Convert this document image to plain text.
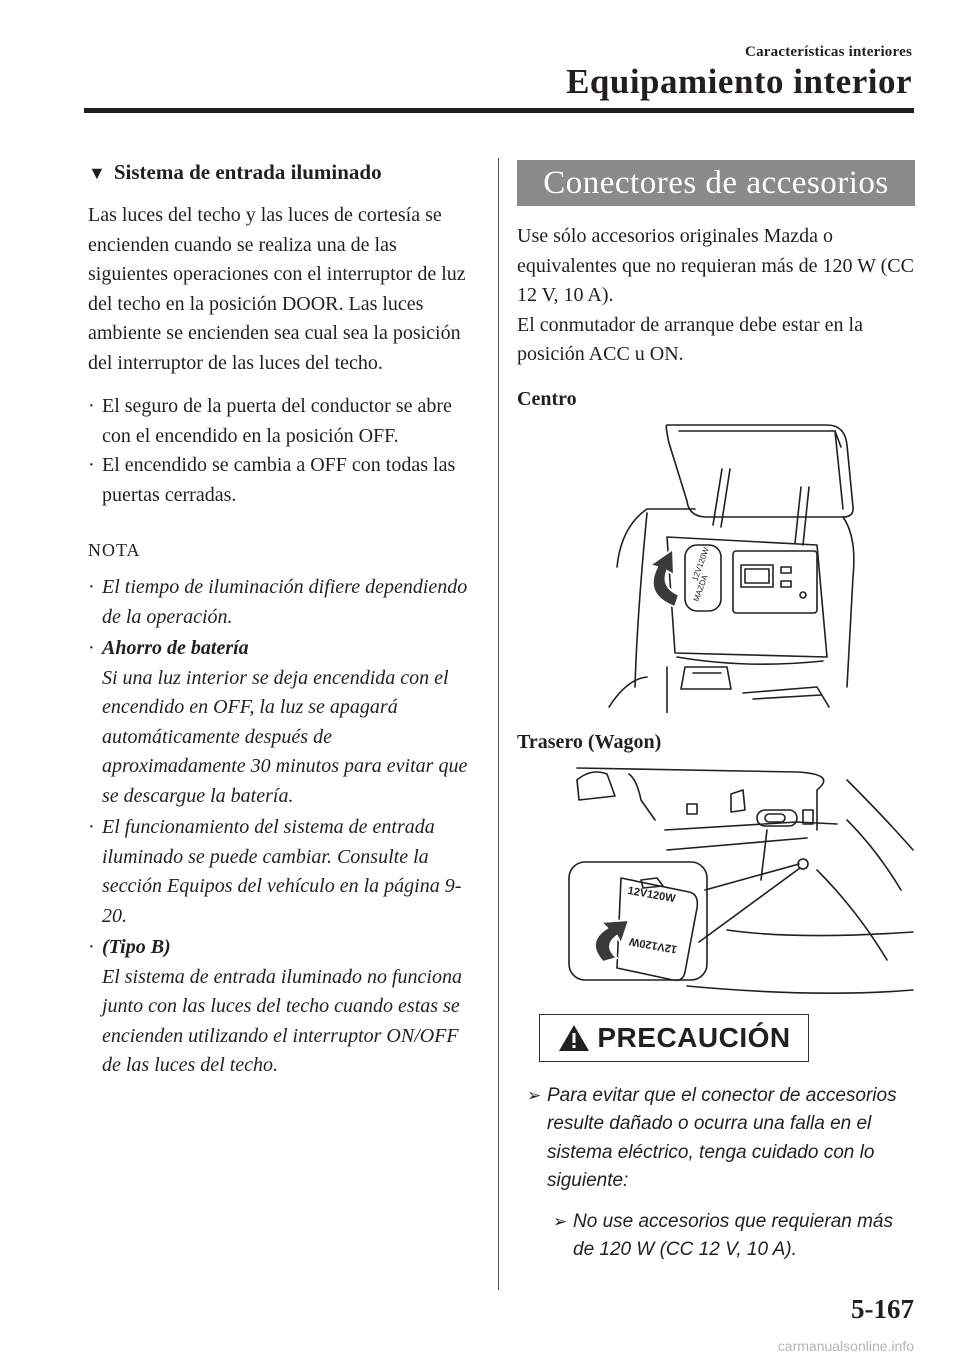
Características interiores
Equipamiento interior
▼ Sistema de entrada iluminado

Las luces del techo y las luces de cortesía se encienden cuando se realiza una de las siguientes operaciones con el interruptor de luz del techo en la posición DOOR. Las luces ambiente se encienden sea cual sea la posición del interruptor de las luces del techo.

· El seguro de la puerta del conductor se abre con el encendido en la posición OFF.
· El encendido se cambia a OFF con todas las puertas cerradas.
NOTA
· El tiempo de iluminación difiere dependiendo de la operación.
· Ahorro de batería
Si una luz interior se deja encendida con el encendido en OFF, la luz se apagará automáticamente después de aproximadamente 30 minutos para evitar que se descargue la batería.
· El funcionamiento del sistema de entrada iluminado se puede cambiar. Consulte la sección Equipos del vehículo en la página 9-20.
· (Tipo B)
El sistema de entrada iluminado no funciona junto con las luces del techo cuando estas se encienden utilizando el interruptor ON/OFF de las luces del techo.
Conectores de accesorios

Use sólo accesorios originales Mazda o equivalentes que no requieran más de 120 W (CC 12 V, 10 A).

El conmutador de arranque debe estar en la posición ACC u ON.

Centro
12V120W
MAZDA
Trasero (Wagon)
12V120W
12V120W
PRECAUCIÓN
➢ Para evitar que el conector de accesorios resulte dañado o ocurra una falla en el sistema eléctrico, tenga cuidado con lo siguiente:
➢ No use accesorios que requieran más de 120 W (CC 12 V, 10 A).
5-167
carmanualsonline.info
